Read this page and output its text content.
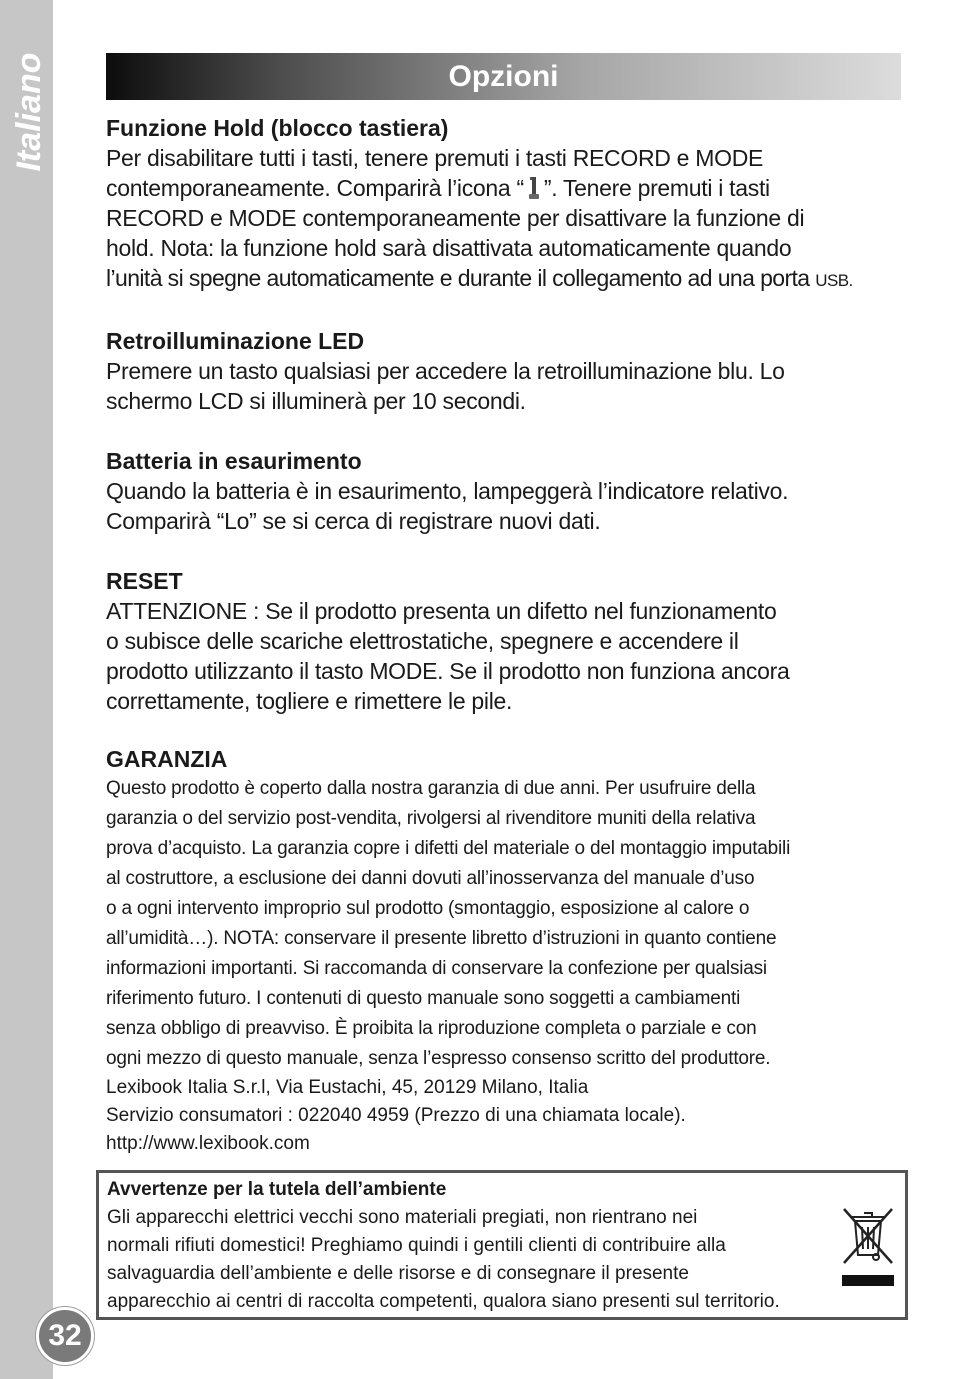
Italiano	Opzioni
Funzione Hold (blocco tastiera)
Per disabilitare tutti i tasti, tenere premuti i tasti RECORD e MODE
contemporaneamente. Comparirà l’icona “ ”. Tenere premuti i tasti
RECORD e MODE contemporaneamente per disattivare la funzione di
hold. Nota: la funzione hold sarà disattivata automaticamente quando
l’unità si spegne automaticamente e durante il collegamento ad una porta USB.
Retroilluminazione LED
Premere un tasto qualsiasi per accedere la retroilluminazione blu. Lo
schermo LCD si illuminerà per 10 secondi.
Batteria in esaurimento
Quando la batteria è in esaurimento, lampeggerà l’indicatore relativo.
Comparirà “Lo” se si cerca di registrare nuovi dati.
RESET
ATTENZIONE : Se il prodotto presenta un difetto nel funzionamento
o subisce delle scariche elettrostatiche, spegnere e accendere il
prodotto utilizzanto il tasto MODE. Se il prodotto non funziona ancora
correttamente, togliere e rimettere le pile.
GARANZIA
Questo prodotto è coperto dalla nostra garanzia di due anni. Per usufruire della
garanzia o del servizio post-vendita, rivolgersi al rivenditore muniti della relativa
prova d’acquisto. La garanzia copre i difetti del materiale o del montaggio imputabili
al costruttore, a esclusione dei danni dovuti all’inosservanza del manuale d’uso
o a ogni intervento improprio sul prodotto (smontaggio, esposizione al calore o
all’umidità…). NOTA: conservare il presente libretto d’istruzioni in quanto contiene
informazioni importanti. Si raccomanda di conservare la confezione per qualsiasi
riferimento futuro. I contenuti di questo manuale sono soggetti a cambiamenti
senza obbligo di preavviso. È proibita la riproduzione completa o parziale e con
ogni mezzo di questo manuale, senza l’espresso consenso scritto del produttore.
Lexibook Italia S.r.l, Via Eustachi, 45, 20129 Milano, Italia
Servizio consumatori : 022040 4959 (Prezzo di una chiamata locale).
http://www.lexibook.com
Avvertenze per la tutela dell’ambiente
Gli apparecchi elettrici vecchi sono materiali pregiati, non rientrano nei
normali rifiuti domestici! Preghiamo quindi i gentili clienti di contribuire alla
salvaguardia dell’ambiente e delle risorse e di consegnare il presente
apparecchio ai centri di raccolta competenti, qualora siano presenti sul territorio.
32
